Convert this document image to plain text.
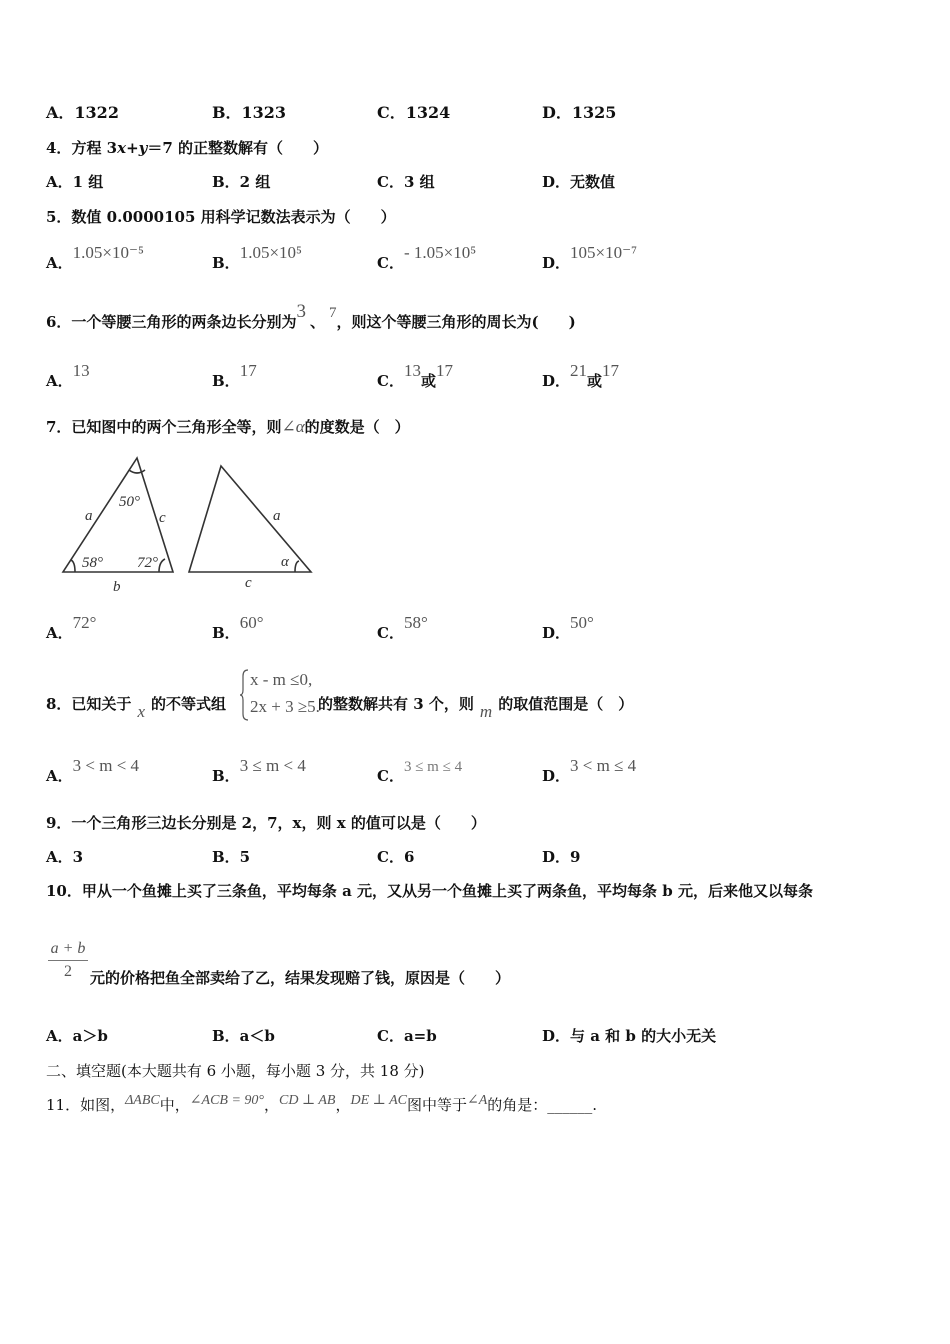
A．1322	B．1323	C．1324	D．1325
4．方程 3x+y＝7 的正整数解有（　　）
A．1 组	B．2 组	C．3 组	D．无数值
5．数值 0.0000105 用科学记数法表示为（　　）
A．1.05×10⁻⁵
B．1.05×10⁵
C．- 1.05×10⁵
D．105×10⁻⁷
6．一个等腰三角形的两条边长分别为3 、 7，则这个等腰三角形的周长为(　　)
A．13
B．17
C．13或17
D．21或17
7．已知图中的两个三角形全等，则∠α的度数是（　）
50°
58° 72°
a
b
c	a
c
α
A．72°
B．60°
C．58°
D．50°
8．已知关于 x 的不等式组	的整数解共有 3 个，则 m 的取值范围是（　）
x - m ≤0,
2x + 3 ≥5.
A．3 < m < 4
B．3 ≤ m < 4
C．3 ≤ m ≤ 4	D．3 < m ≤ 4
9．一个三角形三边长分别是 2，7，x，则 x 的值可以是（　　）
A．3	B．5	C．6	D．9
10．甲从一个鱼摊上买了三条鱼，平均每条 a 元，又从另一个鱼摊上买了两条鱼，平均每条 b 元，后来他又以每条
$\frac{a + b}{2}$ 元的价格把鱼全部卖给了乙，结果发现赔了钱，原因是（　　）
A．a＞b	B．a＜b	C．a=b	D．与 a 和 b 的大小无关
二、填空题(本大题共有 6 小题，每小题 3 分，共 18 分)
11．如图，ΔABC中，∠ACB = 90°，CD ⊥ AB，DE ⊥ AC图中等于∠A的角是：______.
